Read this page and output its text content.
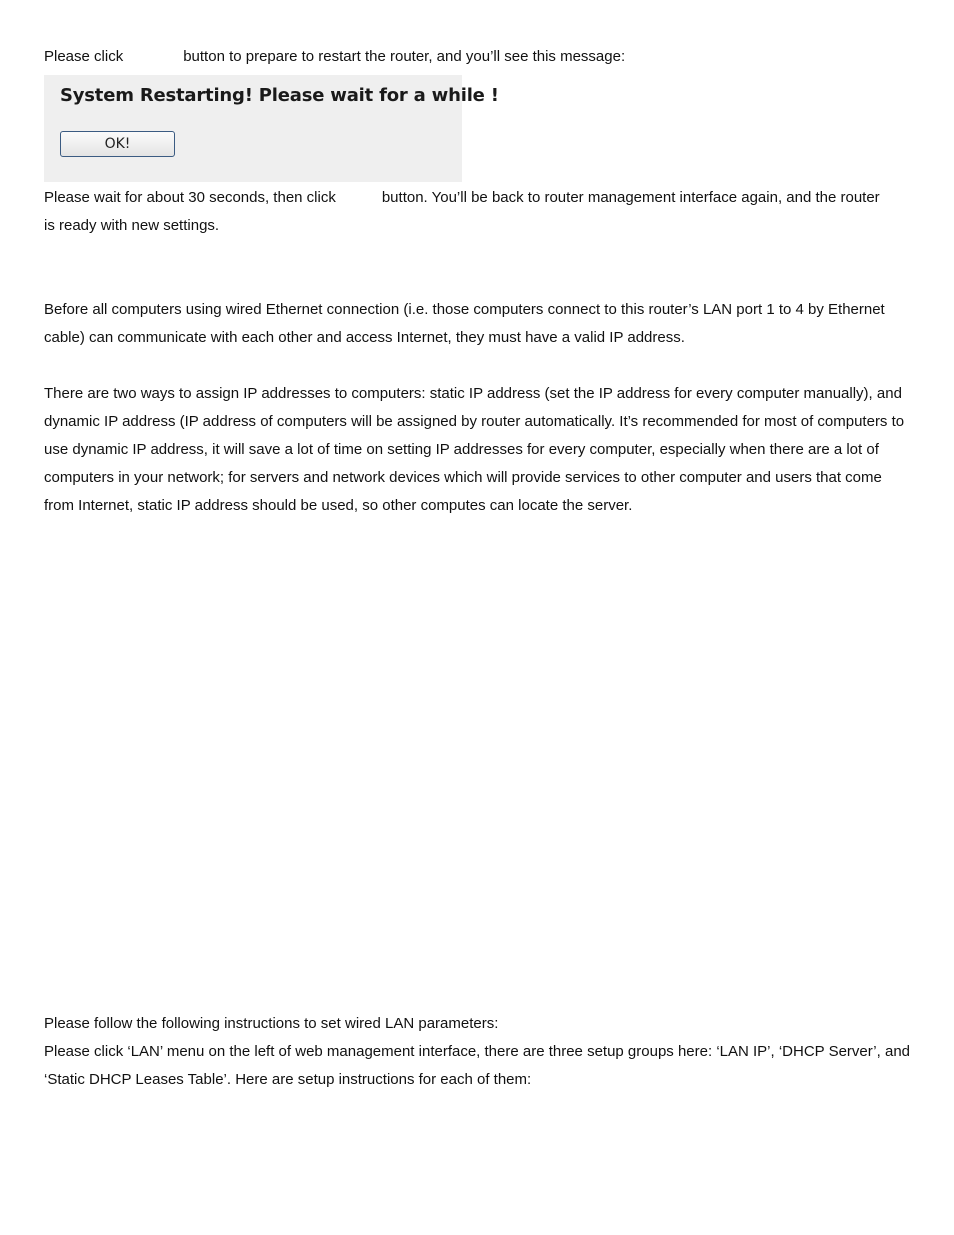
Please click	button to prepare to restart the router, and you’ll see this message:
System Restarting! Please wait for a while !
OK!
Please wait for about 30 seconds, then click	button. You’ll be back to router management interface again, and the router
is ready with new settings.

Before all computers using wired Ethernet connection (i.e. those computers connect to this router’s LAN port 1 to 4 by Ethernet cable) can communicate with each other and access Internet, they must have a valid IP address.

There are two ways to assign IP addresses to computers: static IP address (set the IP address for every computer manually), and dynamic IP address (IP address of computers will be assigned by router automatically. It’s recommended for most of computers to use dynamic IP address, it will save a lot of time on setting IP addresses for every computer, especially when there are a lot of computers in your network; for servers and network devices which will provide services to other computer and users that come from Internet, static IP address should be used, so other computes can locate the server.

Please follow the following instructions to set wired LAN parameters:

Please click ‘LAN’ menu on the left of web management interface, there are three setup groups here: ‘LAN IP’, ‘DHCP Server’, and ‘Static DHCP Leases Table’. Here are setup instructions for each of them:
